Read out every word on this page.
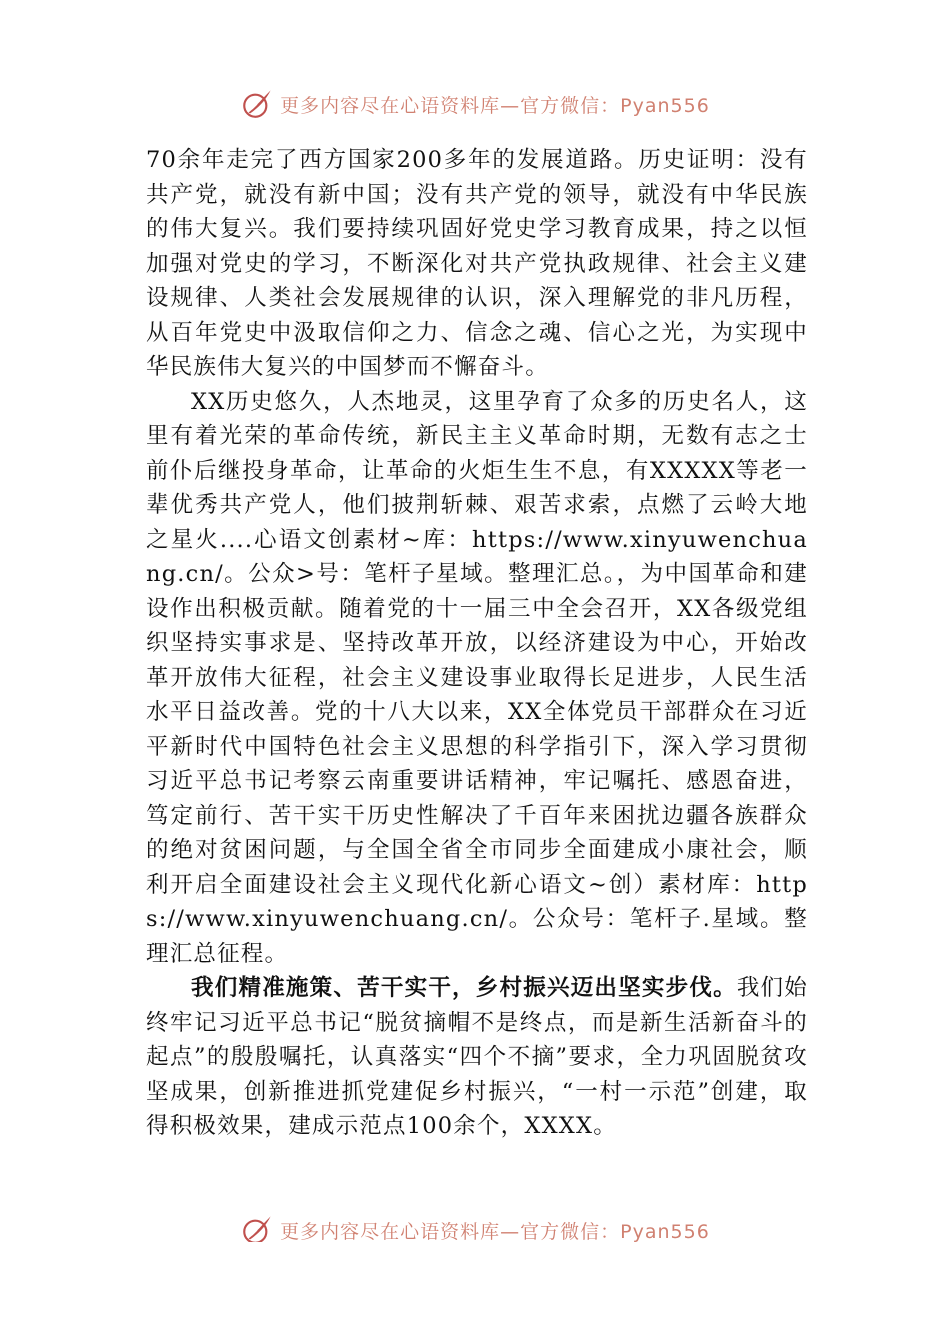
更多内容尽在心语资料库—官方微信：Pyan556

70余年走完了西方国家200多年的发展道路。历史证明：没有共产党，就没有新中国；没有共产党的领导，就没有中华民族的伟大复兴。我们要持续巩固好党史学习教育成果，持之以恒加强对党史的学习，不断深化对共产党执政规律、社会主义建设规律、人类社会发展规律的认识，深入理解党的非凡历程，从百年党史中汲取信仰之力、信念之魂、信心之光，为实现中华民族伟大复兴的中国梦而不懈奋斗。

XX历史悠久，人杰地灵，这里孕育了众多的历史名人，这里有着光荣的革命传统，新民主主义革命时期，无数有志之士前仆后继投身革命，让革命的火炬生生不息，有XXXXX等老一辈优秀共产党人，他们披荆斩棘、艰苦求索，点燃了云岭大地之星火....心语文创素材~库：https://www.xinyuwenchuang.cn/。公众>号：笔杆子星域。整理汇总。，为中国革命和建设作出积极贡献。随着党的十一届三中全会召开，XX各级党组织坚持实事求是、坚持改革开放，以经济建设为中心，开始改革开放伟大征程，社会主义建设事业取得长足进步，人民生活水平日益改善。党的十八大以来，XX全体党员干部群众在习近平新时代中国特色社会主义思想的科学指引下，深入学习贯彻习近平总书记考察云南重要讲话精神，牢记嘱托、感恩奋进，笃定前行、苦干实干历史性解决了千百年来困扰边疆各族群众的绝对贫困问题，与全国全省全市同步全面建成小康社会，顺利开启全面建设社会主义现代化新心语文~创）素材库：https://www.xinyuwenchuang.cn/。公众号：笔杆子.星域。整理汇总征程。

我们精准施策、苦干实干，乡村振兴迈出坚实步伐。我们始终牢记习近平总书记“脱贫摘帽不是终点，而是新生活新奋斗的起点”的殷殷嘱托，认真落实“四个不摘”要求，全力巩固脱贫攻坚成果，创新推进抓党建促乡村振兴，“一村一示范”创建，取得积极效果，建成示范点100余个，XXXX。

更多内容尽在心语资料库—官方微信：Pyan556
